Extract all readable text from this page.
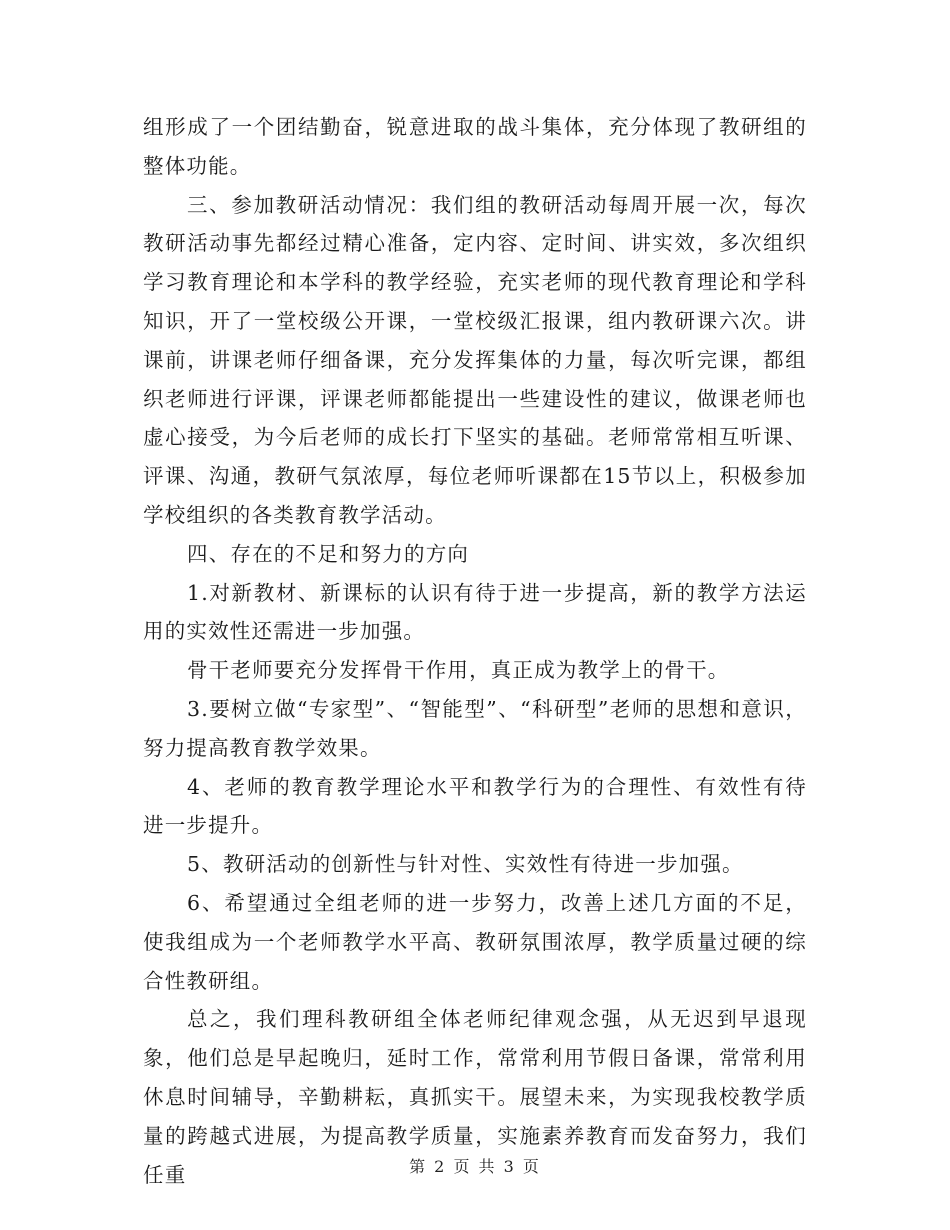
组形成了一个团结勤奋，锐意进取的战斗集体，充分体现了教研组的整体功能。

三、参加教研活动情况：我们组的教研活动每周开展一次，每次教研活动事先都经过精心准备，定内容、定时间、讲实效，多次组织学习教育理论和本学科的教学经验，充实老师的现代教育理论和学科知识，开了一堂校级公开课，一堂校级汇报课，组内教研课六次。讲课前，讲课老师仔细备课，充分发挥集体的力量，每次听完课，都组织老师进行评课，评课老师都能提出一些建设性的建议，做课老师也虚心接受，为今后老师的成长打下坚实的基础。老师常常相互听课、评课、沟通，教研气氛浓厚，每位老师听课都在15节以上，积极参加学校组织的各类教育教学活动。

四、存在的不足和努力的方向

1.对新教材、新课标的认识有待于进一步提高，新的教学方法运用的实效性还需进一步加强。

骨干老师要充分发挥骨干作用，真正成为教学上的骨干。

3.要树立做“专家型”、“智能型”、“科研型”老师的思想和意识，努力提高教育教学效果。

4、老师的教育教学理论水平和教学行为的合理性、有效性有待进一步提升。

5、教研活动的创新性与针对性、实效性有待进一步加强。

6、希望通过全组老师的进一步努力，改善上述几方面的不足，使我组成为一个老师教学水平高、教研氛围浓厚，教学质量过硬的综合性教研组。

总之，我们理科教研组全体老师纪律观念强，从无迟到早退现象，他们总是早起晚归，延时工作，常常利用节假日备课，常常利用休息时间辅导，辛勤耕耘，真抓实干。展望未来，为实现我校教学质量的跨越式进展，为提高教学质量，实施素养教育而发奋努力，我们任重	第 2 页 共 3 页
